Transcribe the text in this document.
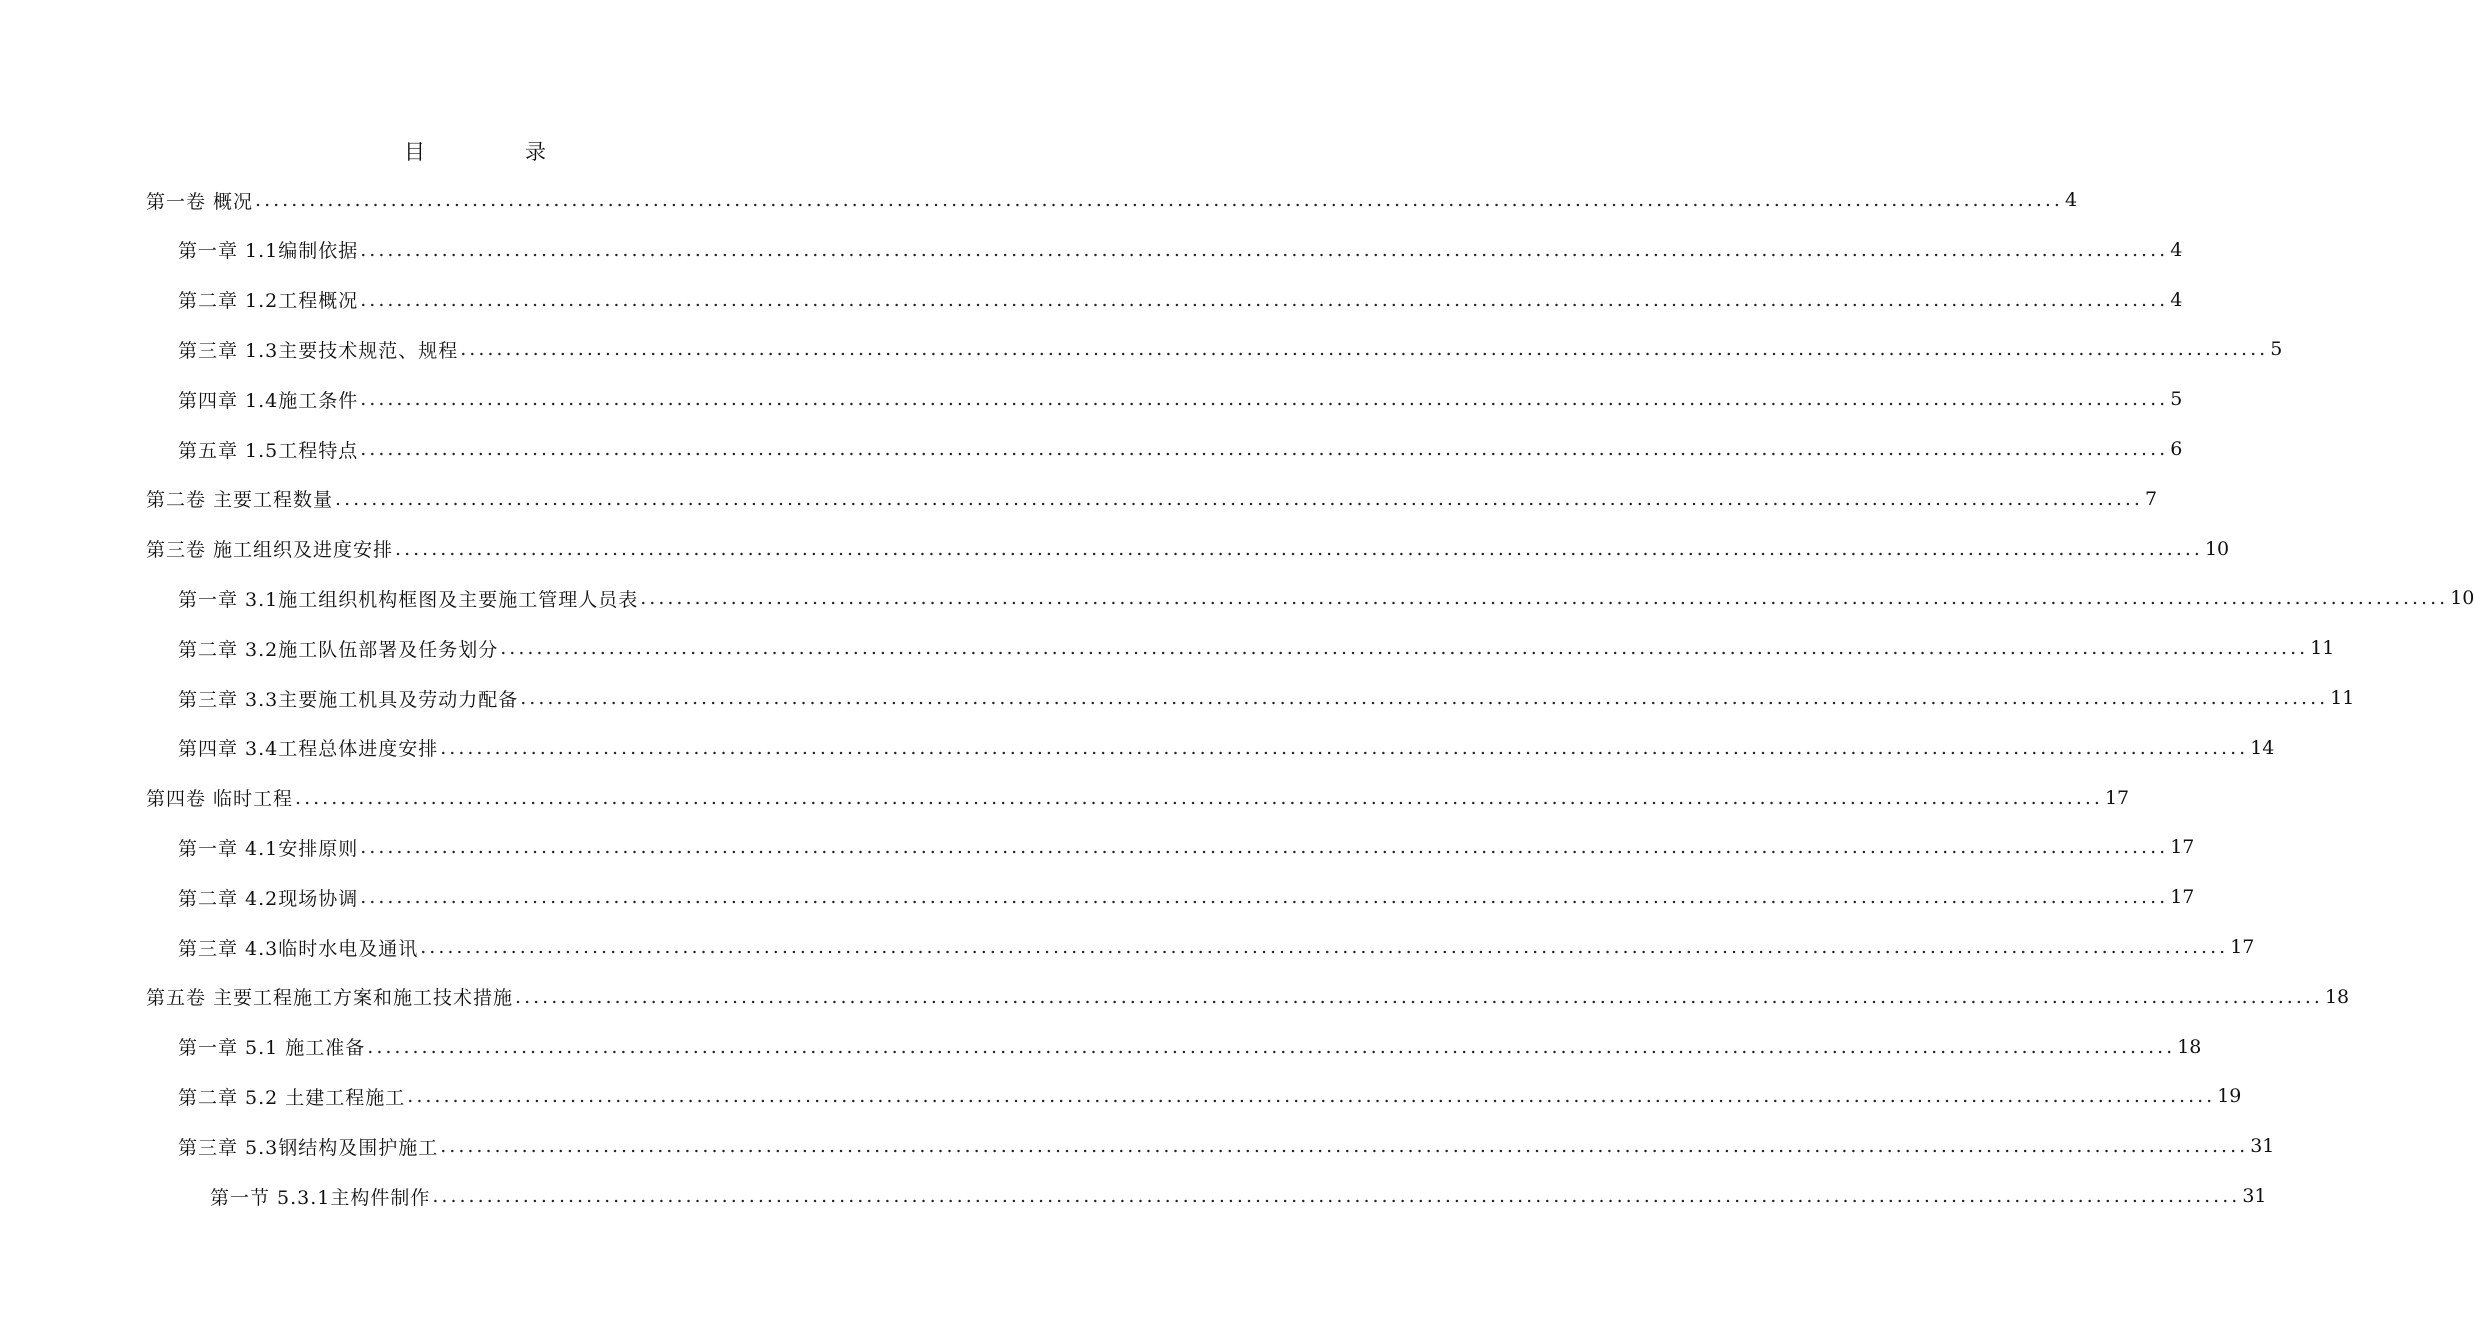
目	录
第一卷 概况 ........................................................................................................................................................................................................ 4
第一章 1.1编制依据 ........................................................................................................................................................................................................ 4
第二章 1.2工程概况 ........................................................................................................................................................................................................ 4
第三章 1.3主要技术规范、规程 ........................................................................................................................................................................................................ 5
第四章 1.4施工条件 ........................................................................................................................................................................................................ 5
第五章 1.5工程特点 ........................................................................................................................................................................................................ 6
第二卷 主要工程数量 ........................................................................................................................................................................................................ 7
第三卷 施工组织及进度安排 ........................................................................................................................................................................................................ 10
第一章 3.1施工组织机构框图及主要施工管理人员表 ........................................................................................................................................................................................................ 10
第二章 3.2施工队伍部署及任务划分 ........................................................................................................................................................................................................ 11
第三章 3.3主要施工机具及劳动力配备 ........................................................................................................................................................................................................ 11
第四章 3.4工程总体进度安排 ........................................................................................................................................................................................................ 14
第四卷 临时工程 ........................................................................................................................................................................................................ 17
第一章 4.1安排原则 ........................................................................................................................................................................................................ 17
第二章 4.2现场协调 ........................................................................................................................................................................................................ 17
第三章 4.3临时水电及通讯 ........................................................................................................................................................................................................ 17
第五卷 主要工程施工方案和施工技术措施 ........................................................................................................................................................................................................ 18
第一章 5.1 施工准备 ........................................................................................................................................................................................................ 18
第二章 5.2 土建工程施工 ........................................................................................................................................................................................................ 19
第三章 5.3钢结构及围护施工 ........................................................................................................................................................................................................ 31
第一节 5.3.1主构件制作 ........................................................................................................................................................................................................ 31
